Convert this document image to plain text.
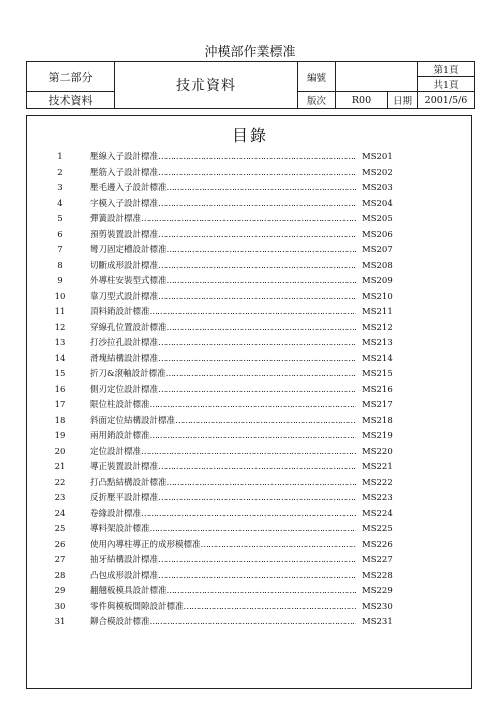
沖模部作業標准
第二部分	技朮資料	編號			第1頁
					共1頁
技术資料		版次	R00	日期	2001/5/6
目錄
1	壓線入子設計標准 ……………………………………………………………………………………………………………	MS201
2	壓筋入子設計標准 ……………………………………………………………………………………………………………	MS202
3	壓毛邊入子設計標准 ……………………………………………………………………………………………………………	MS203
4	字模入子設計標准 ……………………………………………………………………………………………………………	MS204
5	彈簧設計標准 ……………………………………………………………………………………………………………	MS205
6	預剪裝置設計標准 ……………………………………………………………………………………………………………	MS206
7	彎刀固定槽設計標准 ……………………………………………………………………………………………………………	MS207
8	切斷成形設計標准 ……………………………………………………………………………………………………………	MS208
9	外導柱安裝型式標准 ……………………………………………………………………………………………………………	MS209
10	靠刀型式設計標准 ……………………………………………………………………………………………………………	MS210
11	頂料銷設計標准 ……………………………………………………………………………………………………………	MS211
12	穿線孔位置設計標准 ……………………………………………………………………………………………………………	MS212
13	打沙拉孔設計標准 ……………………………………………………………………………………………………………	MS213
14	滑塊結構設計標准 ……………………………………………………………………………………………………………	MS214
15	折刀&滾軸設計標准 ……………………………………………………………………………………………………………	MS215
16	側刃定位設計標准 ……………………………………………………………………………………………………………	MS216
17	限位柱設計標准 ……………………………………………………………………………………………………………	MS217
18	斜面定位結構設計標准 ……………………………………………………………………………………………………………	MS218
19	兩用銷設計標准 ……………………………………………………………………………………………………………	MS219
20	定位設計標准 ……………………………………………………………………………………………………………	MS220
21	導正裝置設計標准 ……………………………………………………………………………………………………………	MS221
22	打凸點結構設計標准 ……………………………………………………………………………………………………………	MS222
23	反折壓平設計標准 ……………………………………………………………………………………………………………	MS223
24	卷緣設計標准 ……………………………………………………………………………………………………………	MS224
25	導料架設計標准 ……………………………………………………………………………………………………………	MS225
26	使用內導柱導正的成形模標准 ……………………………………………………………………………………………………………	MS226
27	抽牙結構設計標准 ……………………………………………………………………………………………………………	MS227
28	凸包成形設計標准 ……………………………………………………………………………………………………………	MS228
29	翻翹板模具設計標准 ……………………………………………………………………………………………………………	MS229
30	零件與模板間隙設計標准 ……………………………………………………………………………………………………………	MS230
31	鉚合模設計標准 ……………………………………………………………………………………………………………	MS231
